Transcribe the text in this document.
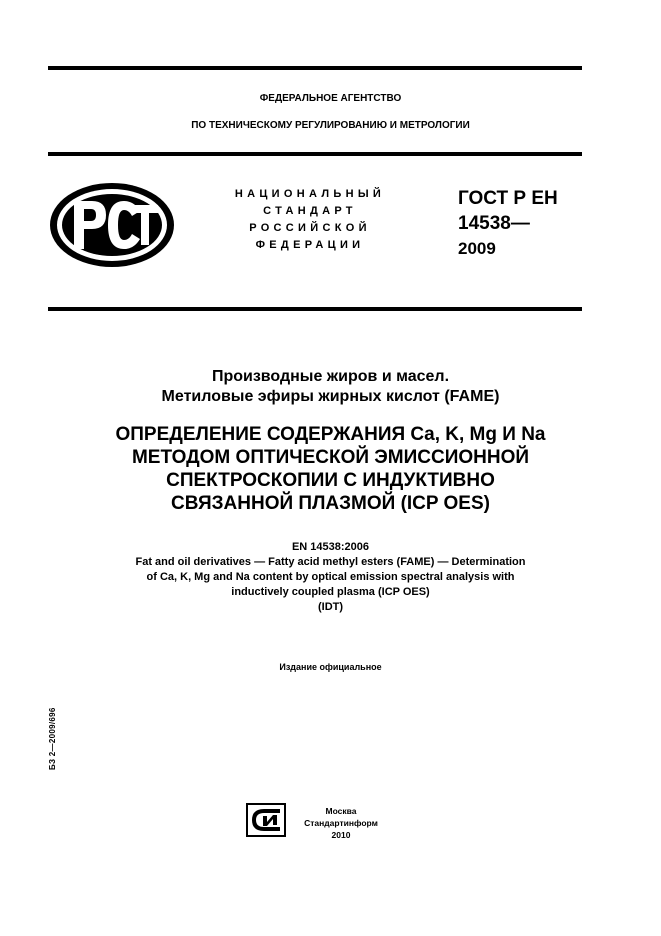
ФЕДЕРАЛЬНОЕ АГЕНТСТВО
ПО ТЕХНИЧЕСКОМУ РЕГУЛИРОВАНИЮ И МЕТРОЛОГИИ
НАЦИОНАЛЬНЫЙ
СТАНДАРТ
РОССИЙСКОЙ
ФЕДЕРАЦИИ
ГОСТ Р ЕН
14538—
2009
Производные жиров и масел.
Метиловые эфиры жирных кислот (FAME)
ОПРЕДЕЛЕНИЕ СОДЕРЖАНИЯ Ca, K, Mg И Na
МЕТОДОМ ОПТИЧЕСКОЙ ЭМИССИОННОЙ
СПЕКТРОСКОПИИ С ИНДУКТИВНО
СВЯЗАННОЙ ПЛАЗМОЙ (ICP OES)
EN 14538:2006
Fat and oil derivatives — Fatty acid methyl esters (FAME) — Determination
of Ca, K, Mg and Na content by optical emission spectral analysis with
inductively coupled plasma (ICP OES)
(IDT)
Издание официальное
БЗ 2—2009/696
Москва
Стандартинформ
2010
